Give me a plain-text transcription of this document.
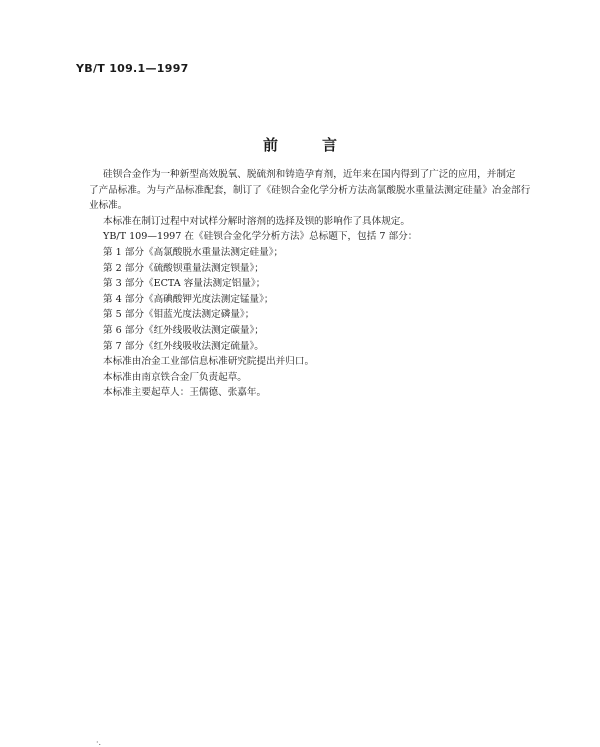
YB/T 109.1—1997
前言

硅钡合金作为一种新型高效脱氧、脱硫剂和铸造孕育剂，近年来在国内得到了广泛的应用，并制定
了产品标准。为与产品标准配套，制订了《硅钡合金化学分析方法高氯酸脱水重量法测定硅量》冶金部行
业标准。

本标准在制订过程中对试样分解时溶剂的选择及钡的影响作了具体规定。

YB/T 109—1997 在《硅钡合金化学分析方法》总标题下，包括 7 部分：

第 1 部分《高氯酸脱水重量法测定硅量》；
第 2 部分《硫酸钡重量法测定钡量》；
第 3 部分《ECTA 容量法测定铝量》；
第 4 部分《高碘酸钾光度法测定锰量》；
第 5 部分《钼蓝光度法测定磷量》；
第 6 部分《红外线吸收法测定碳量》；
第 7 部分《红外线吸收法测定硫量》。

本标准由冶金工业部信息标准研究院提出并归口。

本标准由南京铁合金厂负责起草。

本标准主要起草人：王儒德、张嘉年。

·.
